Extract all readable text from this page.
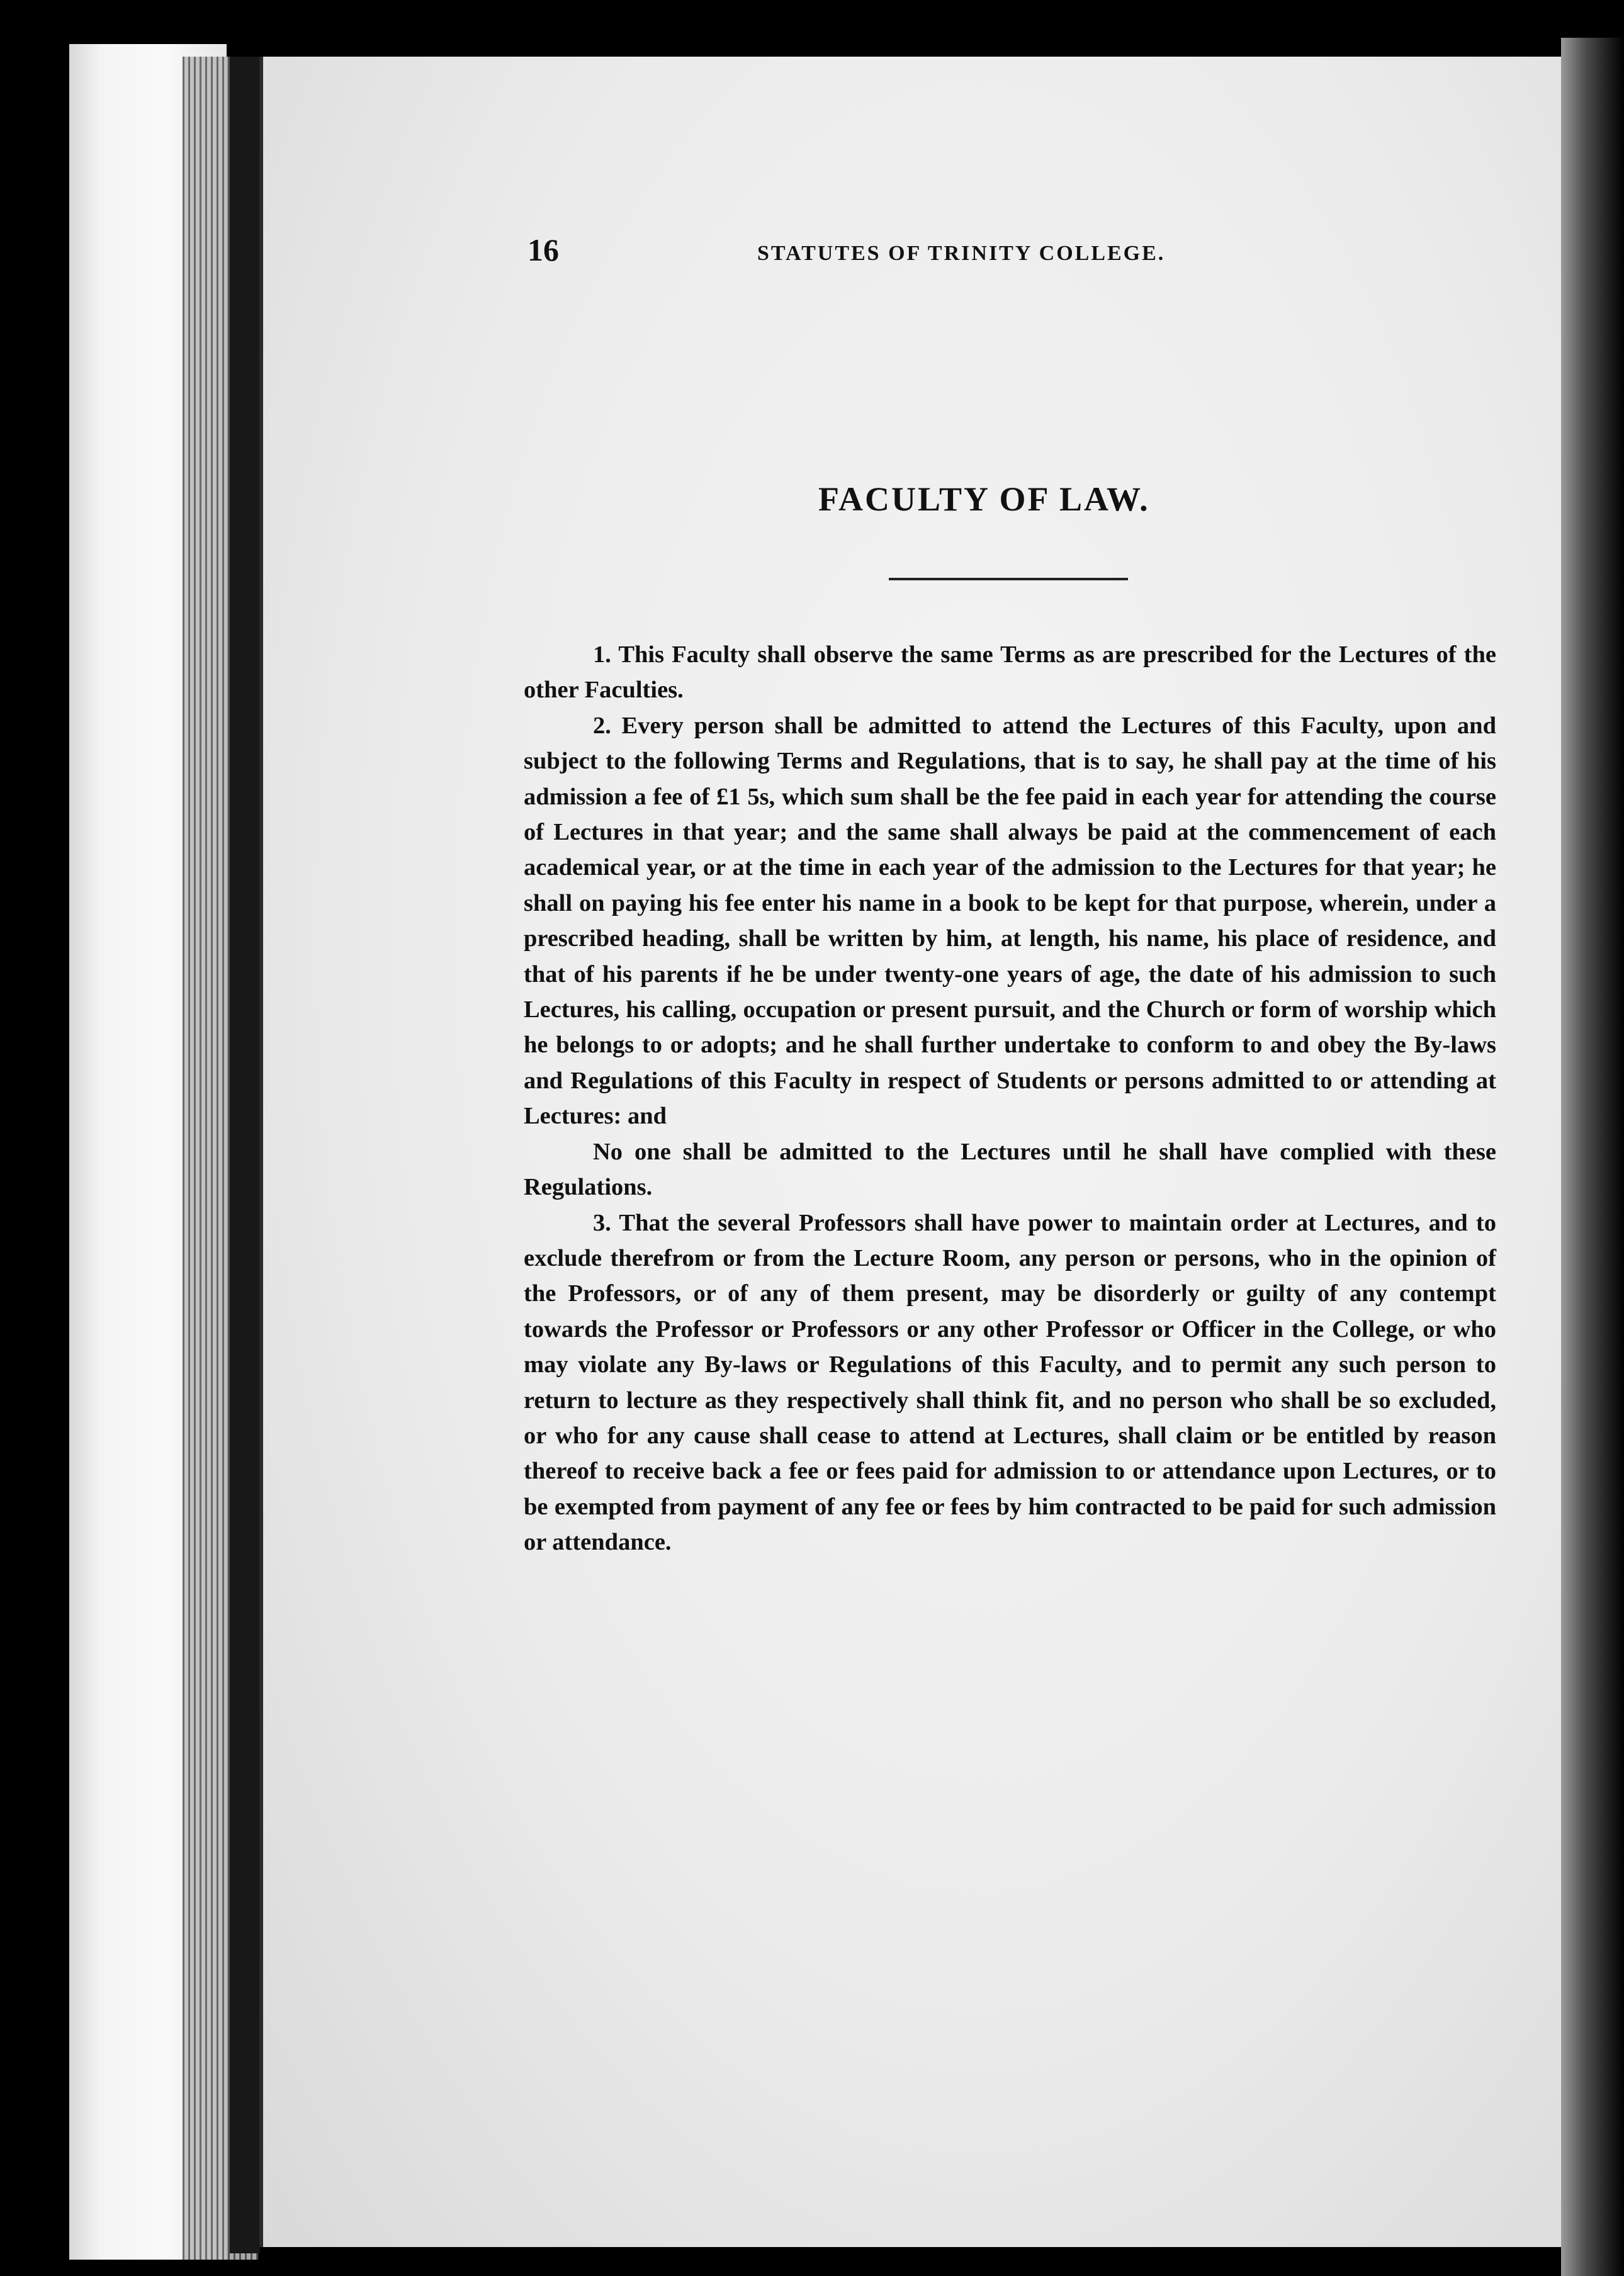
16	STATUTES OF TRINITY COLLEGE.
FACULTY OF LAW.

1. This Faculty shall observe the same Terms as are prescribed for the Lectures of the other Faculties.

2. Every person shall be admitted to attend the Lectures of this Faculty, upon and subject to the following Terms and Regulations, that is to say, he shall pay at the time of his admission a fee of £1 5s, which sum shall be the fee paid in each year for attending the course of Lectures in that year; and the same shall always be paid at the commencement of each academical year, or at the time in each year of the admission to the Lectures for that year; he shall on paying his fee enter his name in a book to be kept for that purpose, wherein, under a prescribed heading, shall be written by him, at length, his name, his place of residence, and that of his parents if he be under twenty-one years of age, the date of his admission to such Lectures, his calling, occupation or present pursuit, and the Church or form of worship which he belongs to or adopts; and he shall further undertake to conform to and obey the By-laws and Regulations of this Faculty in respect of Students or persons admitted to or attending at Lectures: and

No one shall be admitted to the Lectures until he shall have complied with these Regulations.

3. That the several Professors shall have power to maintain order at Lectures, and to exclude therefrom or from the Lecture Room, any person or persons, who in the opinion of the Professors, or of any of them present, may be disorderly or guilty of any contempt towards the Professor or Professors or any other Professor or Officer in the College, or who may violate any By-laws or Regulations of this Faculty, and to permit any such person to return to lecture as they respectively shall think fit, and no person who shall be so excluded, or who for any cause shall cease to attend at Lectures, shall claim or be entitled by reason thereof to receive back a fee or fees paid for admission to or attendance upon Lectures, or to be exempted from payment of any fee or fees by him contracted to be paid for such admission or attendance.
